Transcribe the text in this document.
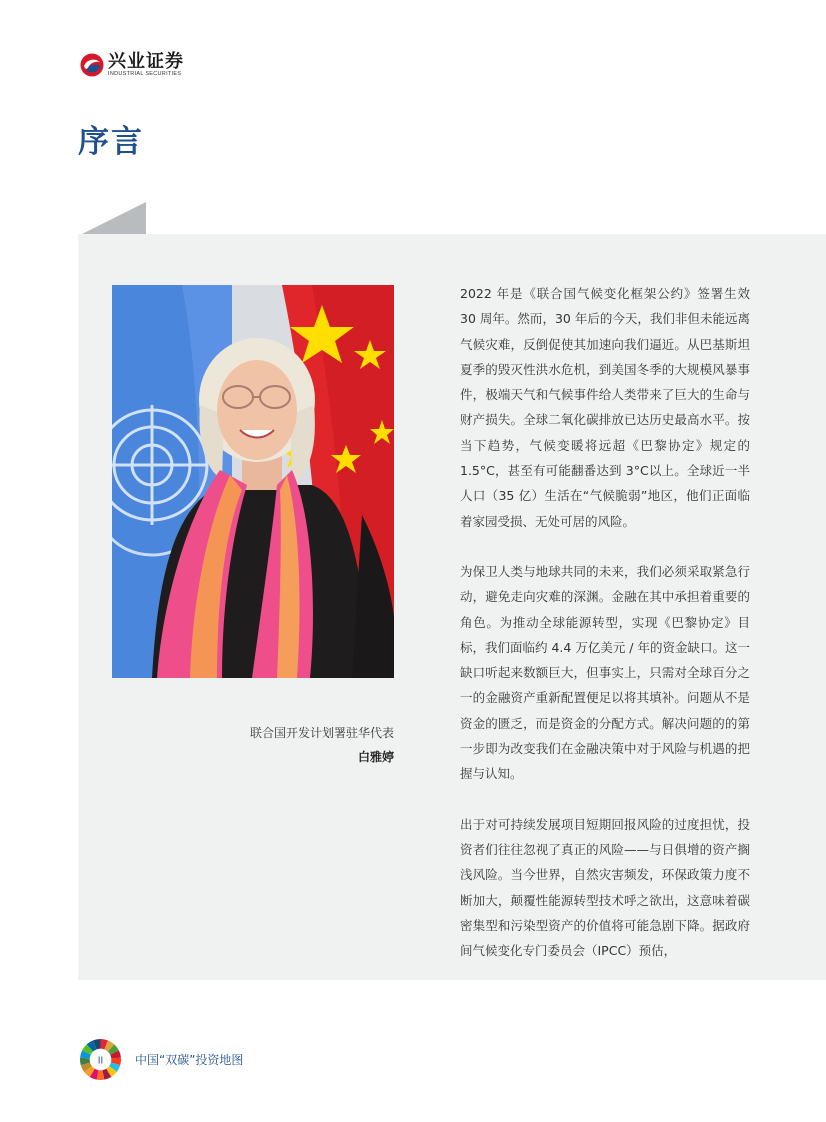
兴业证券
INDUSTRIAL SECURITIES
序言
联合国开发计划署驻华代表
白雅婷

2022 年是《联合国气候变化框架公约》签署生效 30 周年。然而，30 年后的今天，我们非但未能远离气候灾难，反倒促使其加速向我们逼近。从巴基斯坦夏季的毁灭性洪水危机，到美国冬季的大规模风暴事件，极端天气和气候事件给人类带来了巨大的生命与财产损失。全球二氧化碳排放已达历史最高水平。按当下趋势，气候变暖将远超《巴黎协定》规定的 1.5°C，甚至有可能翻番达到 3°C以上。全球近一半人口（35 亿）生活在“气候脆弱”地区，他们正面临着家园受损、无处可居的风险。

为保卫人类与地球共同的未来，我们必须采取紧急行动，避免走向灾难的深渊。金融在其中承担着重要的角色。为推动全球能源转型，实现《巴黎协定》目标，我们面临约 4.4 万亿美元 / 年的资金缺口。这一缺口听起来数额巨大，但事实上，只需对全球百分之一的金融资产重新配置便足以将其填补。问题从不是资金的匮乏，而是资金的分配方式。解决问题的的第一步即为改变我们在金融决策中对于风险与机遇的把握与认知。

出于对可持续发展项目短期回报风险的过度担忧，投资者们往往忽视了真正的风险——与日俱增的资产搁浅风险。当今世界，自然灾害频发，环保政策力度不断加大，颠覆性能源转型技术呼之欲出，这意味着碳密集型和污染型资产的价值将可能急剧下降。据政府间气候变化专门委员会（IPCC）预估，

II	中国“双碳”投资地图
